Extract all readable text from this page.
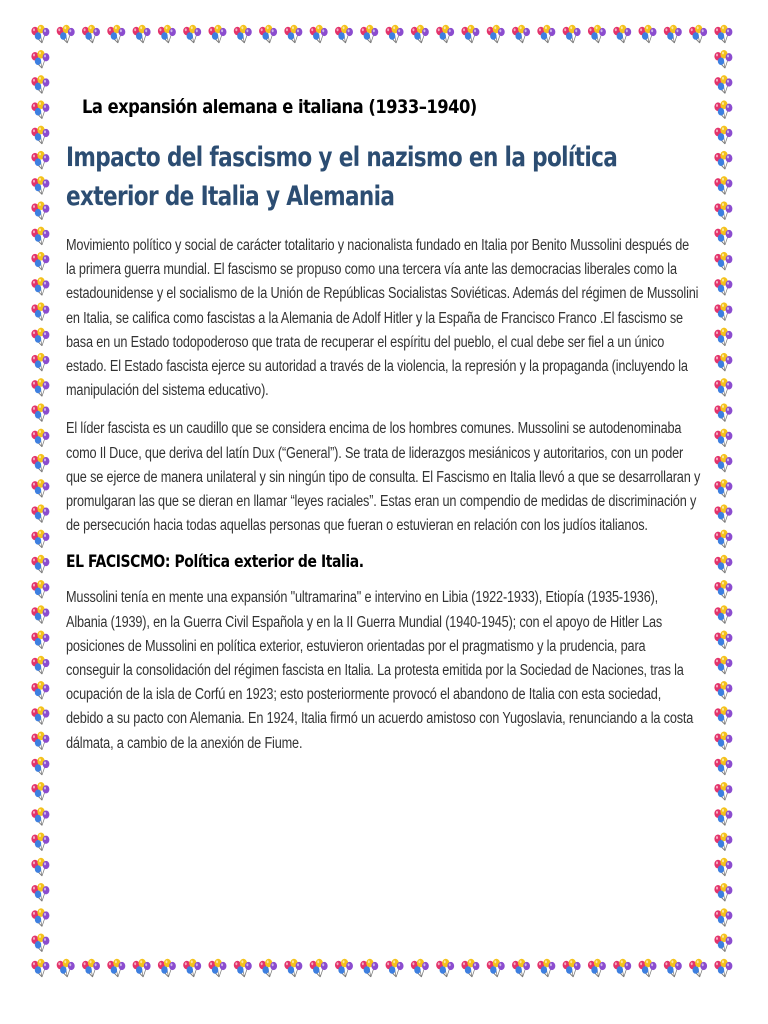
La expansión alemana e italiana (1933–1940)
Impacto del fascismo y el nazismo en la política exterior de Italia y Alemania

Movimiento político y social de carácter totalitario y nacionalista fundado en Italia por Benito Mussolini después de la primera guerra mundial. El fascismo se propuso como una tercera vía ante las democracias liberales como la estadounidense y el socialismo de la Unión de Repúblicas Socialistas Soviéticas. Además del régimen de Mussolini en Italia, se califica como fascistas a la Alemania de Adolf Hitler y la España de Francisco Franco .El fascismo se basa en un Estado todopoderoso que trata de recuperar el espíritu del pueblo, el cual debe ser fiel a un único estado. El Estado fascista ejerce su autoridad a través de la violencia, la represión y la propaganda (incluyendo la manipulación del sistema educativo).

El líder fascista es un caudillo que se considera encima de los hombres comunes. Mussolini se autodenominaba como Il Duce, que deriva del latín Dux (“General”). Se trata de liderazgos mesiánicos y autoritarios, con un poder que se ejerce de manera unilateral y sin ningún tipo de consulta. El Fascismo en Italia llevó a que se desarrollaran y promulgaran las que se dieran en llamar “leyes raciales”. Estas eran un compendio de medidas de discriminación y de persecución hacia todas aquellas personas que fueran o estuvieran en relación con los judíos italianos.

EL FACISCMO: Política exterior de Italia.

Mussolini tenía en mente una expansión "ultramarina" e intervino en Libia (1922-1933), Etiopía (1935-1936), Albania (1939), en la Guerra Civil Española y en la II Guerra Mundial (1940-1945); con el apoyo de Hitler Las posiciones de Mussolini en política exterior, estuvieron orientadas por el pragmatismo y la prudencia, para conseguir la consolidación del régimen fascista en Italia. La protesta emitida por la Sociedad de Naciones, tras la ocupación de la isla de Corfú en 1923; esto posteriormente provocó el abandono de Italia con esta sociedad, debido a su pacto con Alemania. En 1924, Italia firmó un acuerdo amistoso con Yugoslavia, renunciando a la costa dálmata, a cambio de la anexión de Fiume.
